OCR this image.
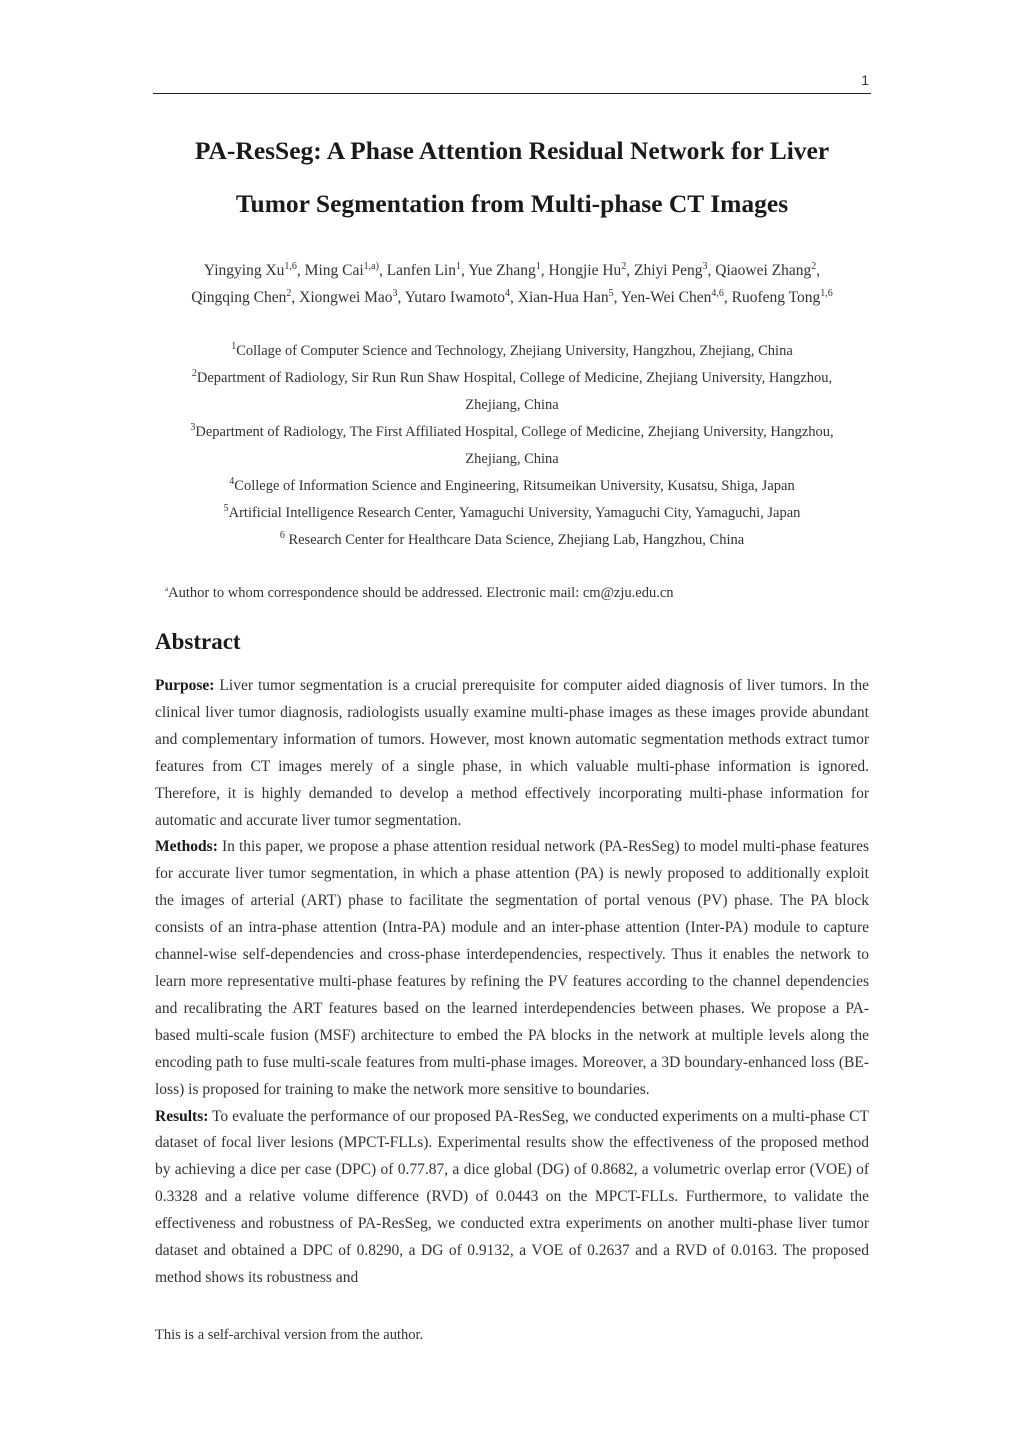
1
PA-ResSeg: A Phase Attention Residual Network for Liver
Tumor Segmentation from Multi-phase CT Images
Yingying Xu$^{1,6}$, Ming Cai$^{1,a)}$, Lanfen Lin$^1$, Yue Zhang$^1$, Hongjie Hu$^2$, Zhiyi Peng$^3$, Qiaowei Zhang$^2$,
Qingqing Chen$^2$, Xiongwei Mao$^3$, Yutaro Iwamoto$^4$, Xian-Hua Han$^5$, Yen-Wei Chen$^{4,6}$, Ruofeng Tong$^{1,6}$
$^1$Collage of Computer Science and Technology, Zhejiang University, Hangzhou, Zhejiang, China
$^2$Department of Radiology, Sir Run Run Shaw Hospital, College of Medicine, Zhejiang University, Hangzhou,
Zhejiang, China
$^3$Department of Radiology, The First Affiliated Hospital, College of Medicine, Zhejiang University, Hangzhou,
Zhejiang, China
$^4$College of Information Science and Engineering, Ritsumeikan University, Kusatsu, Shiga, Japan
$^5$Artificial Intelligence Research Center, Yamaguchi University, Yamaguchi City, Yamaguchi, Japan
$^6$ Research Center for Healthcare Data Science, Zhejiang Lab, Hangzhou, China
$^a$Author to whom correspondence should be addressed. Electronic mail: cm@zju.edu.cn
Abstract

Purpose: Liver tumor segmentation is a crucial prerequisite for computer aided diagnosis of liver tumors. In the clinical liver tumor diagnosis, radiologists usually examine multi-phase images as these images provide abundant and complementary information of tumors. However, most known automatic segmentation methods extract tumor features from CT images merely of a single phase, in which valuable multi-phase information is ignored. Therefore, it is highly demanded to develop a method effectively incorporating multi-phase information for automatic and accurate liver tumor segmentation.

Methods: In this paper, we propose a phase attention residual network (PA-ResSeg) to model multi-phase features for accurate liver tumor segmentation, in which a phase attention (PA) is newly proposed to additionally exploit the images of arterial (ART) phase to facilitate the segmentation of portal venous (PV) phase. The PA block consists of an intra-phase attention (Intra-PA) module and an inter-phase attention (Inter-PA) module to capture channel-wise self-dependencies and cross-phase interdependencies, respectively. Thus it enables the network to learn more representative multi-phase features by refining the PV features according to the channel dependencies and recalibrating the ART features based on the learned interdependencies between phases. We propose a PA-based multi-scale fusion (MSF) architecture to embed the PA blocks in the network at multiple levels along the encoding path to fuse multi-scale features from multi-phase images. Moreover, a 3D boundary-enhanced loss (BE-loss) is proposed for training to make the network more sensitive to boundaries.

Results: To evaluate the performance of our proposed PA-ResSeg, we conducted experiments on a multi-phase CT dataset of focal liver lesions (MPCT-FLLs). Experimental results show the effectiveness of the proposed method by achieving a dice per case (DPC) of 0.77.87, a dice global (DG) of 0.8682, a volumetric overlap error (VOE) of 0.3328 and a relative volume difference (RVD) of 0.0443 on the MPCT-FLLs. Furthermore, to validate the effectiveness and robustness of PA-ResSeg, we conducted extra experiments on another multi-phase liver tumor dataset and obtained a DPC of 0.8290, a DG of 0.9132, a VOE of 0.2637 and a RVD of 0.0163. The proposed method shows its robustness and

This is a self-archival version from the author.
